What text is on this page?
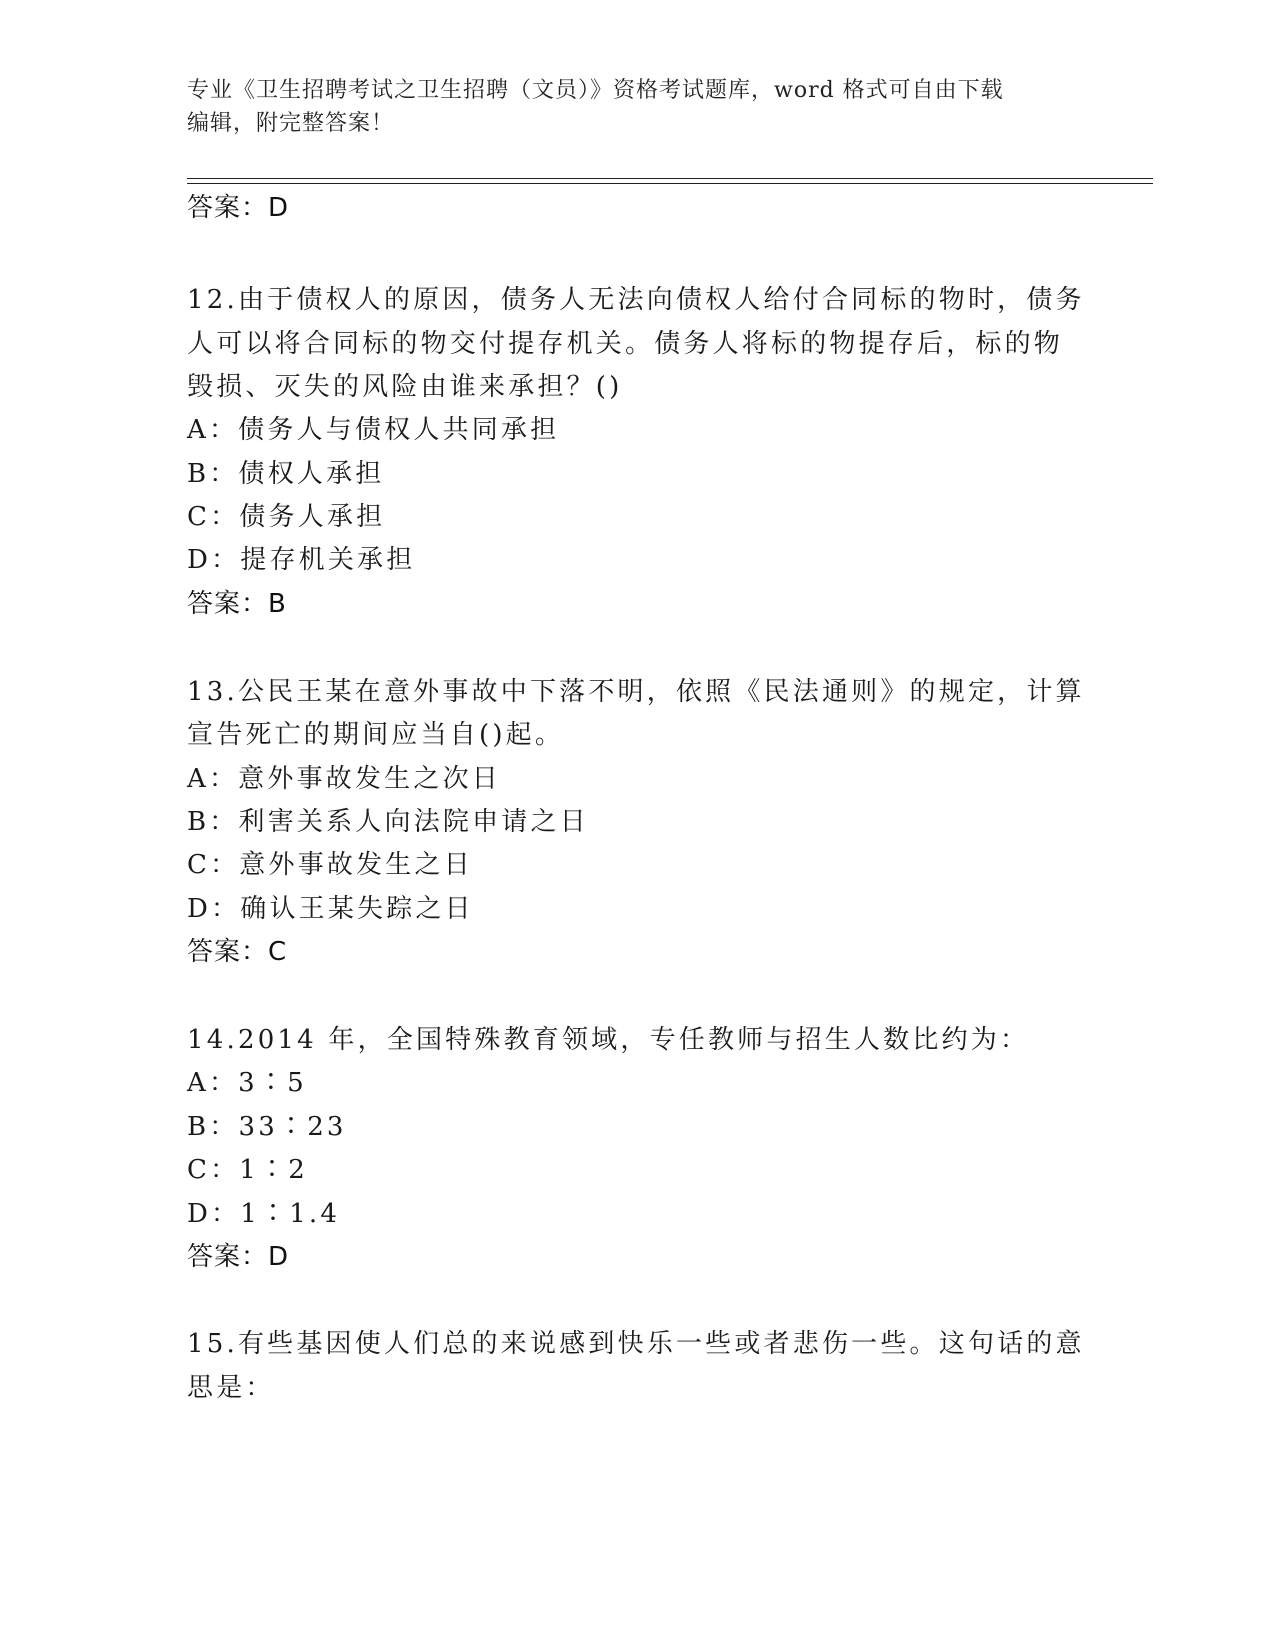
专业《卫生招聘考试之卫生招聘（文员）》资格考试题库，word 格式可自由下载
编辑，附完整答案！
答案：D
12.由于债权人的原因，债务人无法向债权人给付合同标的物时，债务
人可以将合同标的物交付提存机关。债务人将标的物提存后，标的物
毁损、灭失的风险由谁来承担？()
A：债务人与债权人共同承担
B：债权人承担
C：债务人承担
D：提存机关承担
答案：B
13.公民王某在意外事故中下落不明，依照《民法通则》的规定，计算
宣告死亡的期间应当自()起。
A：意外事故发生之次日
B：利害关系人向法院申请之日
C：意外事故发生之日
D：确认王某失踪之日
答案：C
14.2014 年，全国特殊教育领域，专任教师与招生人数比约为：
A：3∶5
B：33∶23
C：1∶2
D：1∶1.4
答案：D
15.有些基因使人们总的来说感到快乐一些或者悲伤一些。这句话的意
思是：
